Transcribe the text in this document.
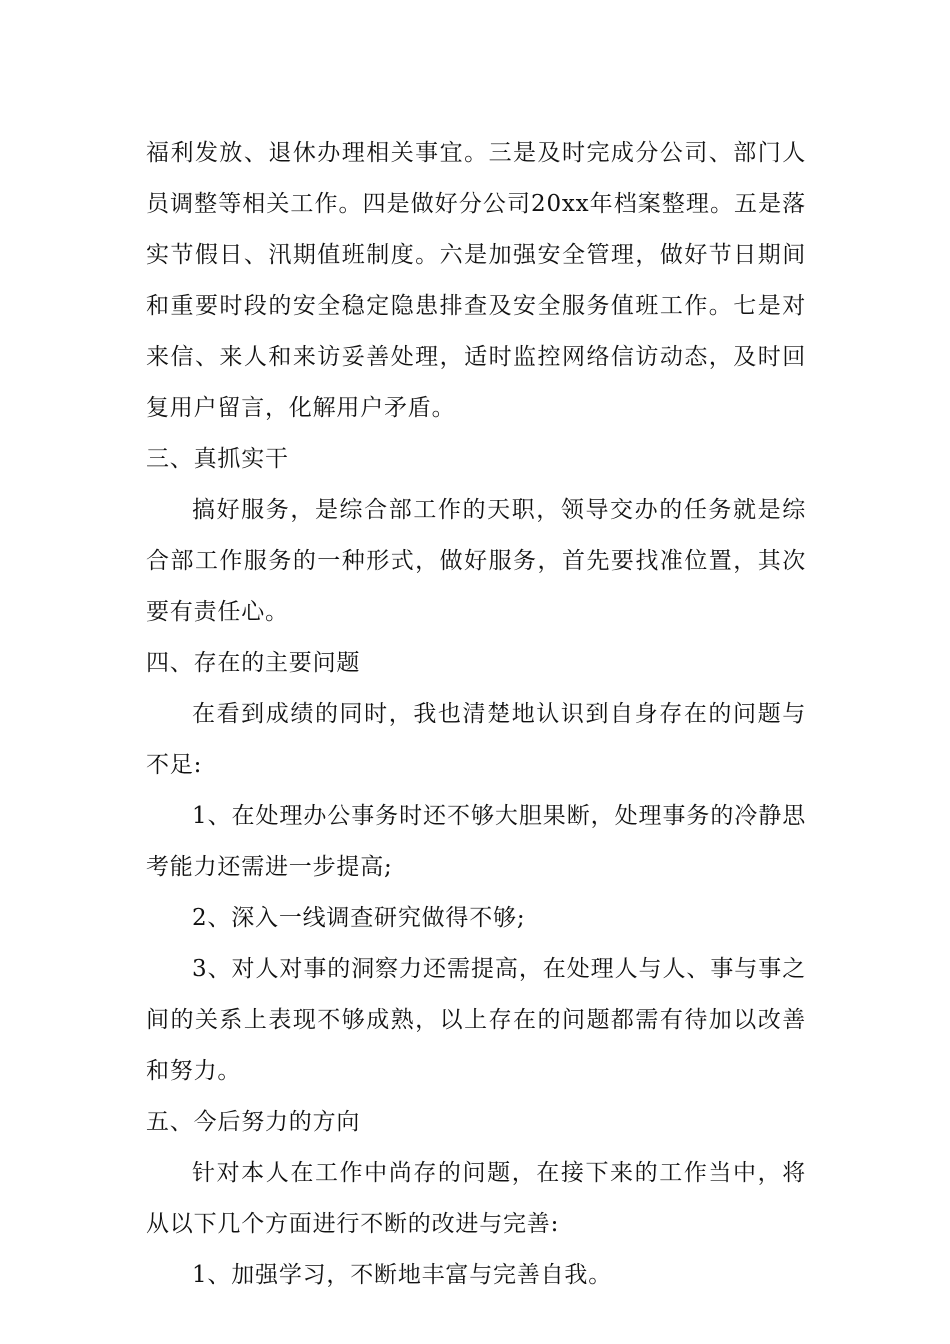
福利发放、退休办理相关事宜。三是及时完成分公司、部门人员调整等相关工作。四是做好分公司20xx年档案整理。五是落实节假日、汛期值班制度。六是加强安全管理，做好节日期间和重要时段的安全稳定隐患排查及安全服务值班工作。七是对来信、来人和来访妥善处理，适时监控网络信访动态，及时回复用户留言，化解用户矛盾。

三、真抓实干

搞好服务，是综合部工作的天职，领导交办的任务就是综合部工作服务的一种形式，做好服务，首先要找准位置，其次要有责任心。

四、存在的主要问题

在看到成绩的同时，我也清楚地认识到自身存在的问题与不足:

1、在处理办公事务时还不够大胆果断，处理事务的冷静思考能力还需进一步提高;

2、深入一线调查研究做得不够;

3、对人对事的洞察力还需提高，在处理人与人、事与事之间的关系上表现不够成熟，以上存在的问题都需有待加以改善和努力。

五、今后努力的方向

针对本人在工作中尚存的问题，在接下来的工作当中，将从以下几个方面进行不断的改进与完善:

1、加强学习，不断地丰富与完善自我。
